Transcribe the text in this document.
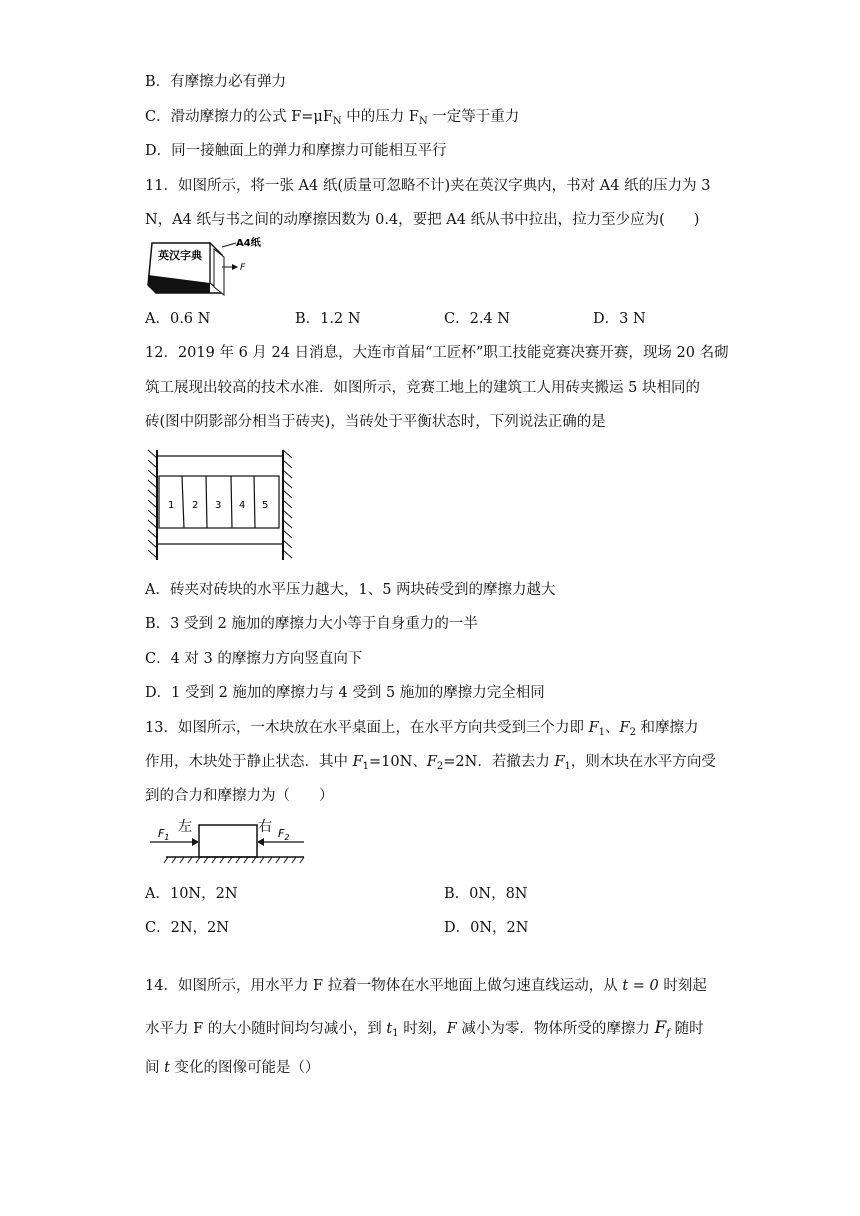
B．有摩擦力必有弹力
C．滑动摩擦力的公式 $F=\mu F_N$ 中的压力 $F_N$ 一定等于重力
D．同一接触面上的弹力和摩擦力可能相互平行
11．如图所示，将一张 A4 纸(质量可忽略不计)夹在英汉字典内，书对 A4 纸的压力为 3
N，A4 纸与书之间的动摩擦因数为 0.4，要把 A4 纸从书中拉出，拉力至少应为(　　)
英汉字典
A4纸
F
A．0.6 N	B．1.2 N	C．2.4 N	D．3 N
12．2019 年 6 月 24 日消息，大连市首届“工匠杯”职工技能竞赛决赛开赛，现场 20 名砌
筑工展现出较高的技术水准．如图所示，竞赛工地上的建筑工人用砖夹搬运 5 块相同的
砖(图中阴影部分相当于砖夹)，当砖处于平衡状态时，下列说法正确的是
1 2 3 4 5
A．砖夹对砖块的水平压力越大，1、5 两块砖受到的摩擦力越大
B．3 受到 2 施加的摩擦力大小等于自身重力的一半
C．4 对 3 的摩擦力方向竖直向下
D．1 受到 2 施加的摩擦力与 4 受到 5 施加的摩擦力完全相同
13．如图所示，一木块放在水平桌面上，在水平方向共受到三个力即 $F_1$、$F_2$ 和摩擦力
作用，木块处于静止状态．其中 $F_1=10N$、$F_2=2N$．若撤去力 $F_1$，则木块在水平方向受
到的合力和摩擦力为（　　）
左	右
$F_1$	$F_2$
A．10N，2N	B．0N，8N
C．2N，2N	D．0N，2N
14．如图所示，用水平力 F 拉着一物体在水平地面上做匀速直线运动，从 t = 0 时刻起
水平力 F 的大小随时间均匀减小，到 $t_1$ 时刻，F 减小为零．物体所受的摩擦力 $F_f$ 随时
间 t 变化的图像可能是（）
